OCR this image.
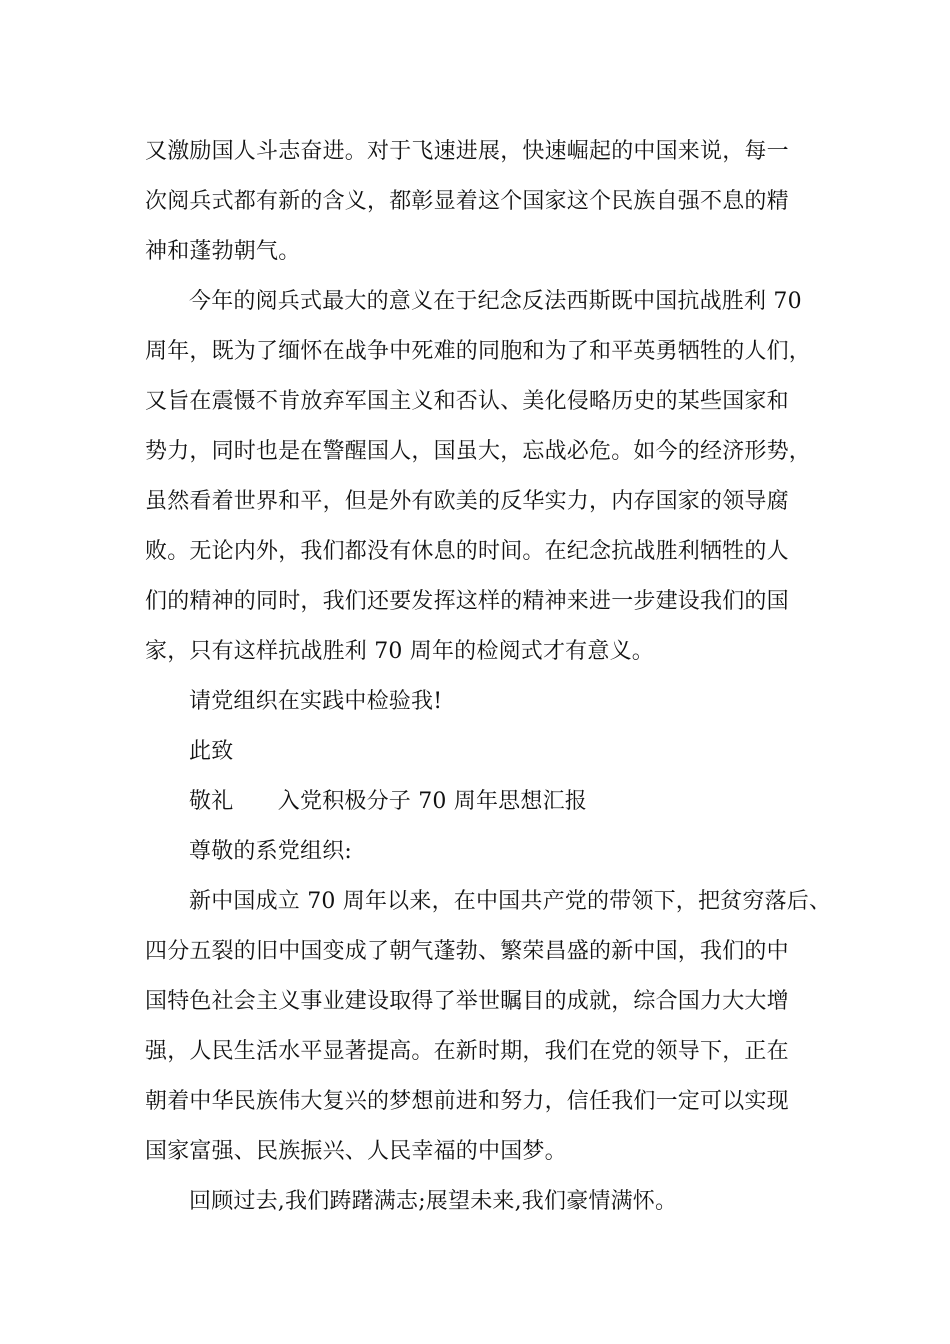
又激励国人斗志奋进。对于飞速进展，快速崛起的中国来说，每一
次阅兵式都有新的含义，都彰显着这个国家这个民族自强不息的精
神和蓬勃朝气。
今年的阅兵式最大的意义在于纪念反法西斯既中国抗战胜利 70
周年，既为了缅怀在战争中死难的同胞和为了和平英勇牺牲的人们，
又旨在震慑不肯放弃军国主义和否认、美化侵略历史的某些国家和
势力，同时也是在警醒国人，国虽大，忘战必危。如今的经济形势，
虽然看着世界和平，但是外有欧美的反华实力，内存国家的领导腐
败。无论内外，我们都没有休息的时间。在纪念抗战胜利牺牲的人
们的精神的同时，我们还要发挥这样的精神来进一步建设我们的国
家，只有这样抗战胜利 70 周年的检阅式才有意义。
请党组织在实践中检验我!
此致
敬礼　　入党积极分子 70 周年思想汇报
尊敬的系党组织:
新中国成立 70 周年以来，在中国共产党的带领下，把贫穷落后、
四分五裂的旧中国变成了朝气蓬勃、繁荣昌盛的新中国，我们的中
国特色社会主义事业建设取得了举世瞩目的成就，综合国力大大增
强，人民生活水平显著提高。在新时期，我们在党的领导下，正在
朝着中华民族伟大复兴的梦想前进和努力，信任我们一定可以实现
国家富强、民族振兴、人民幸福的中国梦。
回顾过去,我们踌躇满志;展望未来,我们豪情满怀。
